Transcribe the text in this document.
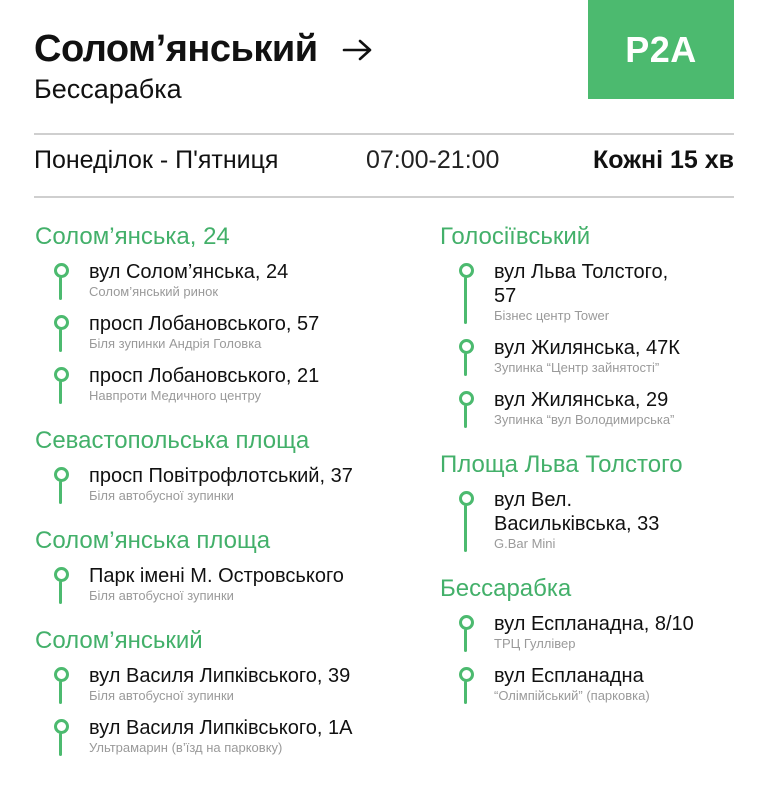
Солом’янський
Бессарабка
Р2А
Понеділок - П'ятниця	07:00-21:00	Кожні 15 хв
Солом’янська, 24
вул Солом’янська, 24
Солом’янський ринок
просп Лобановського, 57
Біля зупинки Андрія Головка
просп Лобановського, 21
Навпроти Медичного центру
Севастопольська площа
просп Повітрофлотський, 37
Біля автобусної зупинки
Солом’янська площа
Парк імені М. Островського
Біля автобусної зупинки
Солом’янський
вул Василя Липківського, 39
Біля автобусної зупинки
вул Василя Липківського, 1А
Ультрамарин (в’їзд на парковку)
Голосіївський
вул Льва Толстого, 57
Бізнес центр Tower
вул Жилянська, 47К
Зупинка “Центр зайнятості”
вул Жилянська, 29
Зупинка “вул Володимирська”
Площа Льва Толстого
вул Вел. Васильківська, 33
G.Bar Mini
Бессарабка
вул Еспланадна, 8/10
ТРЦ Гуллівер
вул Еспланадна
“Олімпійський” (парковка)
